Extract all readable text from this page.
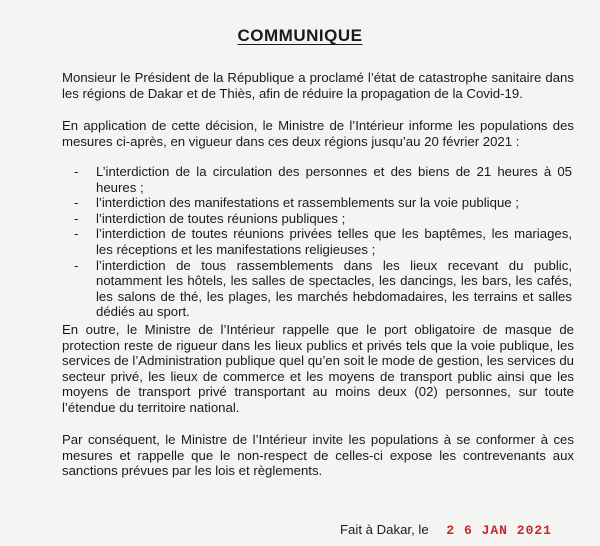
COMMUNIQUE
Monsieur le Président de la République a proclamé l’état de catastrophe sanitaire dans les régions de Dakar et de Thiès, afin de réduire la propagation de la Covid-19.
En application de cette décision, le Ministre de l’Intérieur informe les populations des mesures ci-après, en vigueur dans ces deux régions jusqu’au 20 février 2021 :
- L’interdiction de la circulation des personnes et des biens de 21 heures à 05 heures ;
- l’interdiction des manifestations et rassemblements sur la voie publique ;
- l’interdiction de toutes réunions publiques ;
- l’interdiction de toutes réunions privées telles que les baptêmes, les mariages, les réceptions et les manifestations religieuses ;
- l’interdiction de tous rassemblements dans les lieux recevant du public, notamment les hôtels, les salles de spectacles, les dancings, les bars, les cafés, les salons de thé, les plages, les marchés hebdomadaires, les terrains et salles dédiés au sport.
En outre, le Ministre de l’Intérieur rappelle que le port obligatoire de masque de protection reste de rigueur dans les lieux publics et privés tels que la voie publique, les services de l’Administration publique quel qu’en soit le mode de gestion, les services du secteur privé, les lieux de commerce et les moyens de transport public ainsi que les moyens de transport privé transportant au moins deux (02) personnes, sur toute l’étendue du territoire national.
Par conséquent, le Ministre de l’Intérieur invite les populations à se conformer à ces mesures et rappelle que le non-respect de celles-ci expose les contrevenants aux sanctions prévues par les lois et règlements.
Fait à Dakar, le 2 6 JAN 2021
